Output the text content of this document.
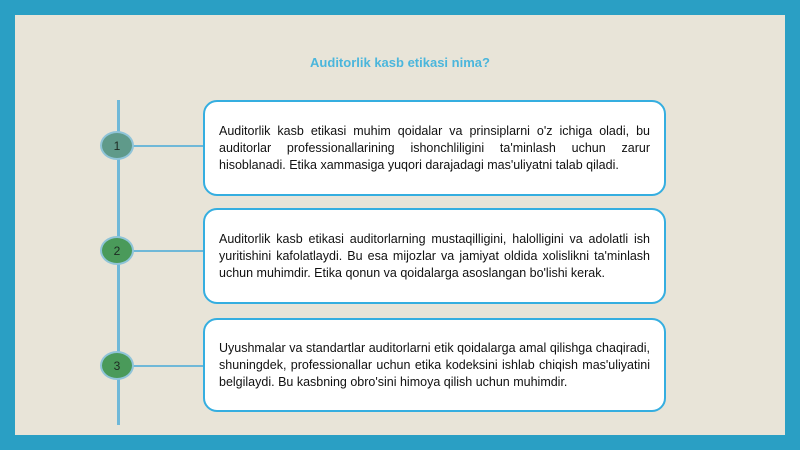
Auditorlik kasb etikasi nima?
1
2
3

Auditorlik kasb etikasi muhim qoidalar va prinsiplarni o'z ichiga oladi, bu auditorlar professionallarining ishonchliligini ta'minlash uchun zarur hisoblanadi. Etika xammasiga yuqori darajadagi mas'uliyatni talab qiladi.

Auditorlik kasb etikasi auditorlarning mustaqilligini, halolligini va adolatli ish yuritishini kafolatlaydi. Bu esa mijozlar va jamiyat oldida xolislikni ta'minlash uchun muhimdir. Etika qonun va qoidalarga asoslangan bo'lishi kerak.

Uyushmalar va standartlar auditorlarni etik qoidalarga amal qilishga chaqiradi, shuningdek, professionallar uchun etika kodeksini ishlab chiqish mas'uliyatini belgilaydi. Bu kasbning obro'sini himoya qilish uchun muhimdir.
